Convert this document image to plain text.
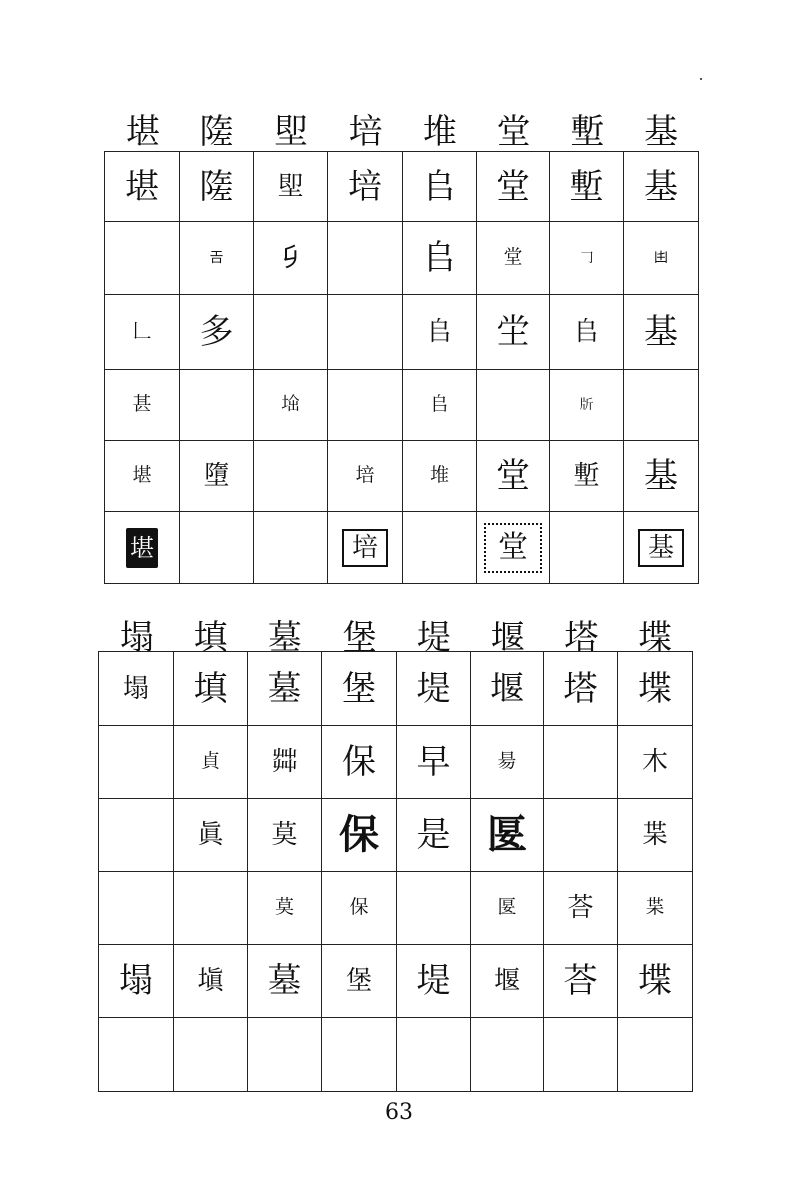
堪	隓	堲	培	堆	堂	塹	基
堪	隓	堲	培	𠂤	堂	塹	基
	𢀛	𠂎		𠂤	堂	𠃌	𠙹
𠃊	多			𠂤	坣	𠂤	基
甚		𡌜		𠂤		𣂔	
堪	墮		培	堆	堂	塹	基
堪			培		堂		基
塌	填	墓	堡	堤	堰	塔	堞
塌	填	墓	堡	堤	堰	塔	堞
	貞	茻	保	早	昜		木
	眞	莫	保	是	匽		枼
		莫	保		匽	荅	枼
塌	塡	墓	堡	堤	堰	荅	堞

63
